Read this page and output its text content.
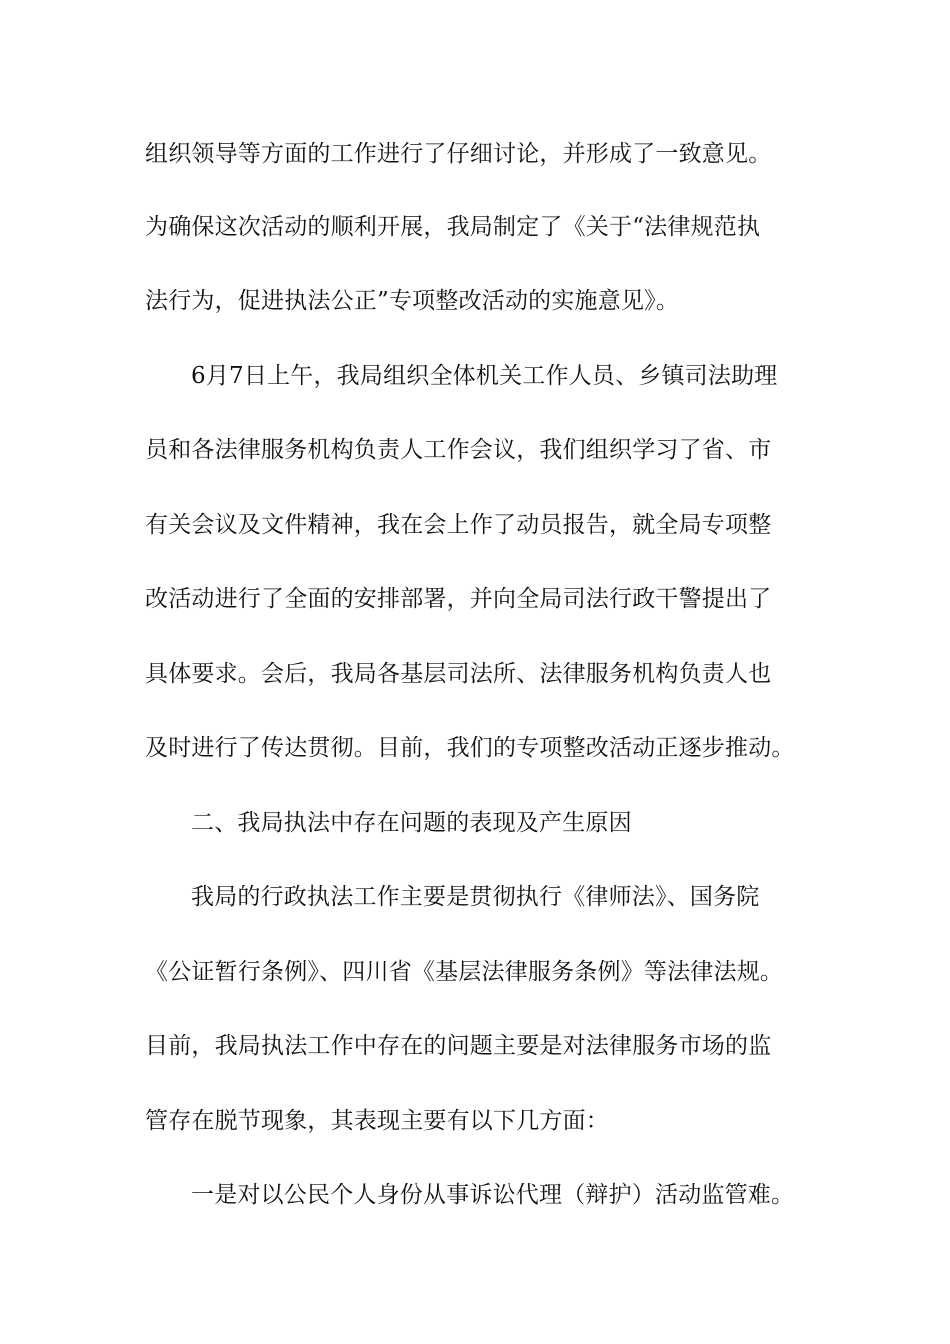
组织领导等方面的工作进行了仔细讨论，并形成了一致意见。
为确保这次活动的顺利开展，我局制定了《关于“法律规范执
法行为，促进执法公正”专项整改活动的实施意见》。
6月7日上午，我局组织全体机关工作人员、乡镇司法助理
员和各法律服务机构负责人工作会议，我们组织学习了省、市
有关会议及文件精神，我在会上作了动员报告，就全局专项整
改活动进行了全面的安排部署，并向全局司法行政干警提出了
具体要求。会后，我局各基层司法所、法律服务机构负责人也
及时进行了传达贯彻。目前，我们的专项整改活动正逐步推动。
二、我局执法中存在问题的表现及产生原因
我局的行政执法工作主要是贯彻执行《律师法》、国务院
《公证暂行条例》、四川省《基层法律服务条例》等法律法规。
目前，我局执法工作中存在的问题主要是对法律服务市场的监
管存在脱节现象，其表现主要有以下几方面：
一是对以公民个人身份从事诉讼代理（辩护）活动监管难。
